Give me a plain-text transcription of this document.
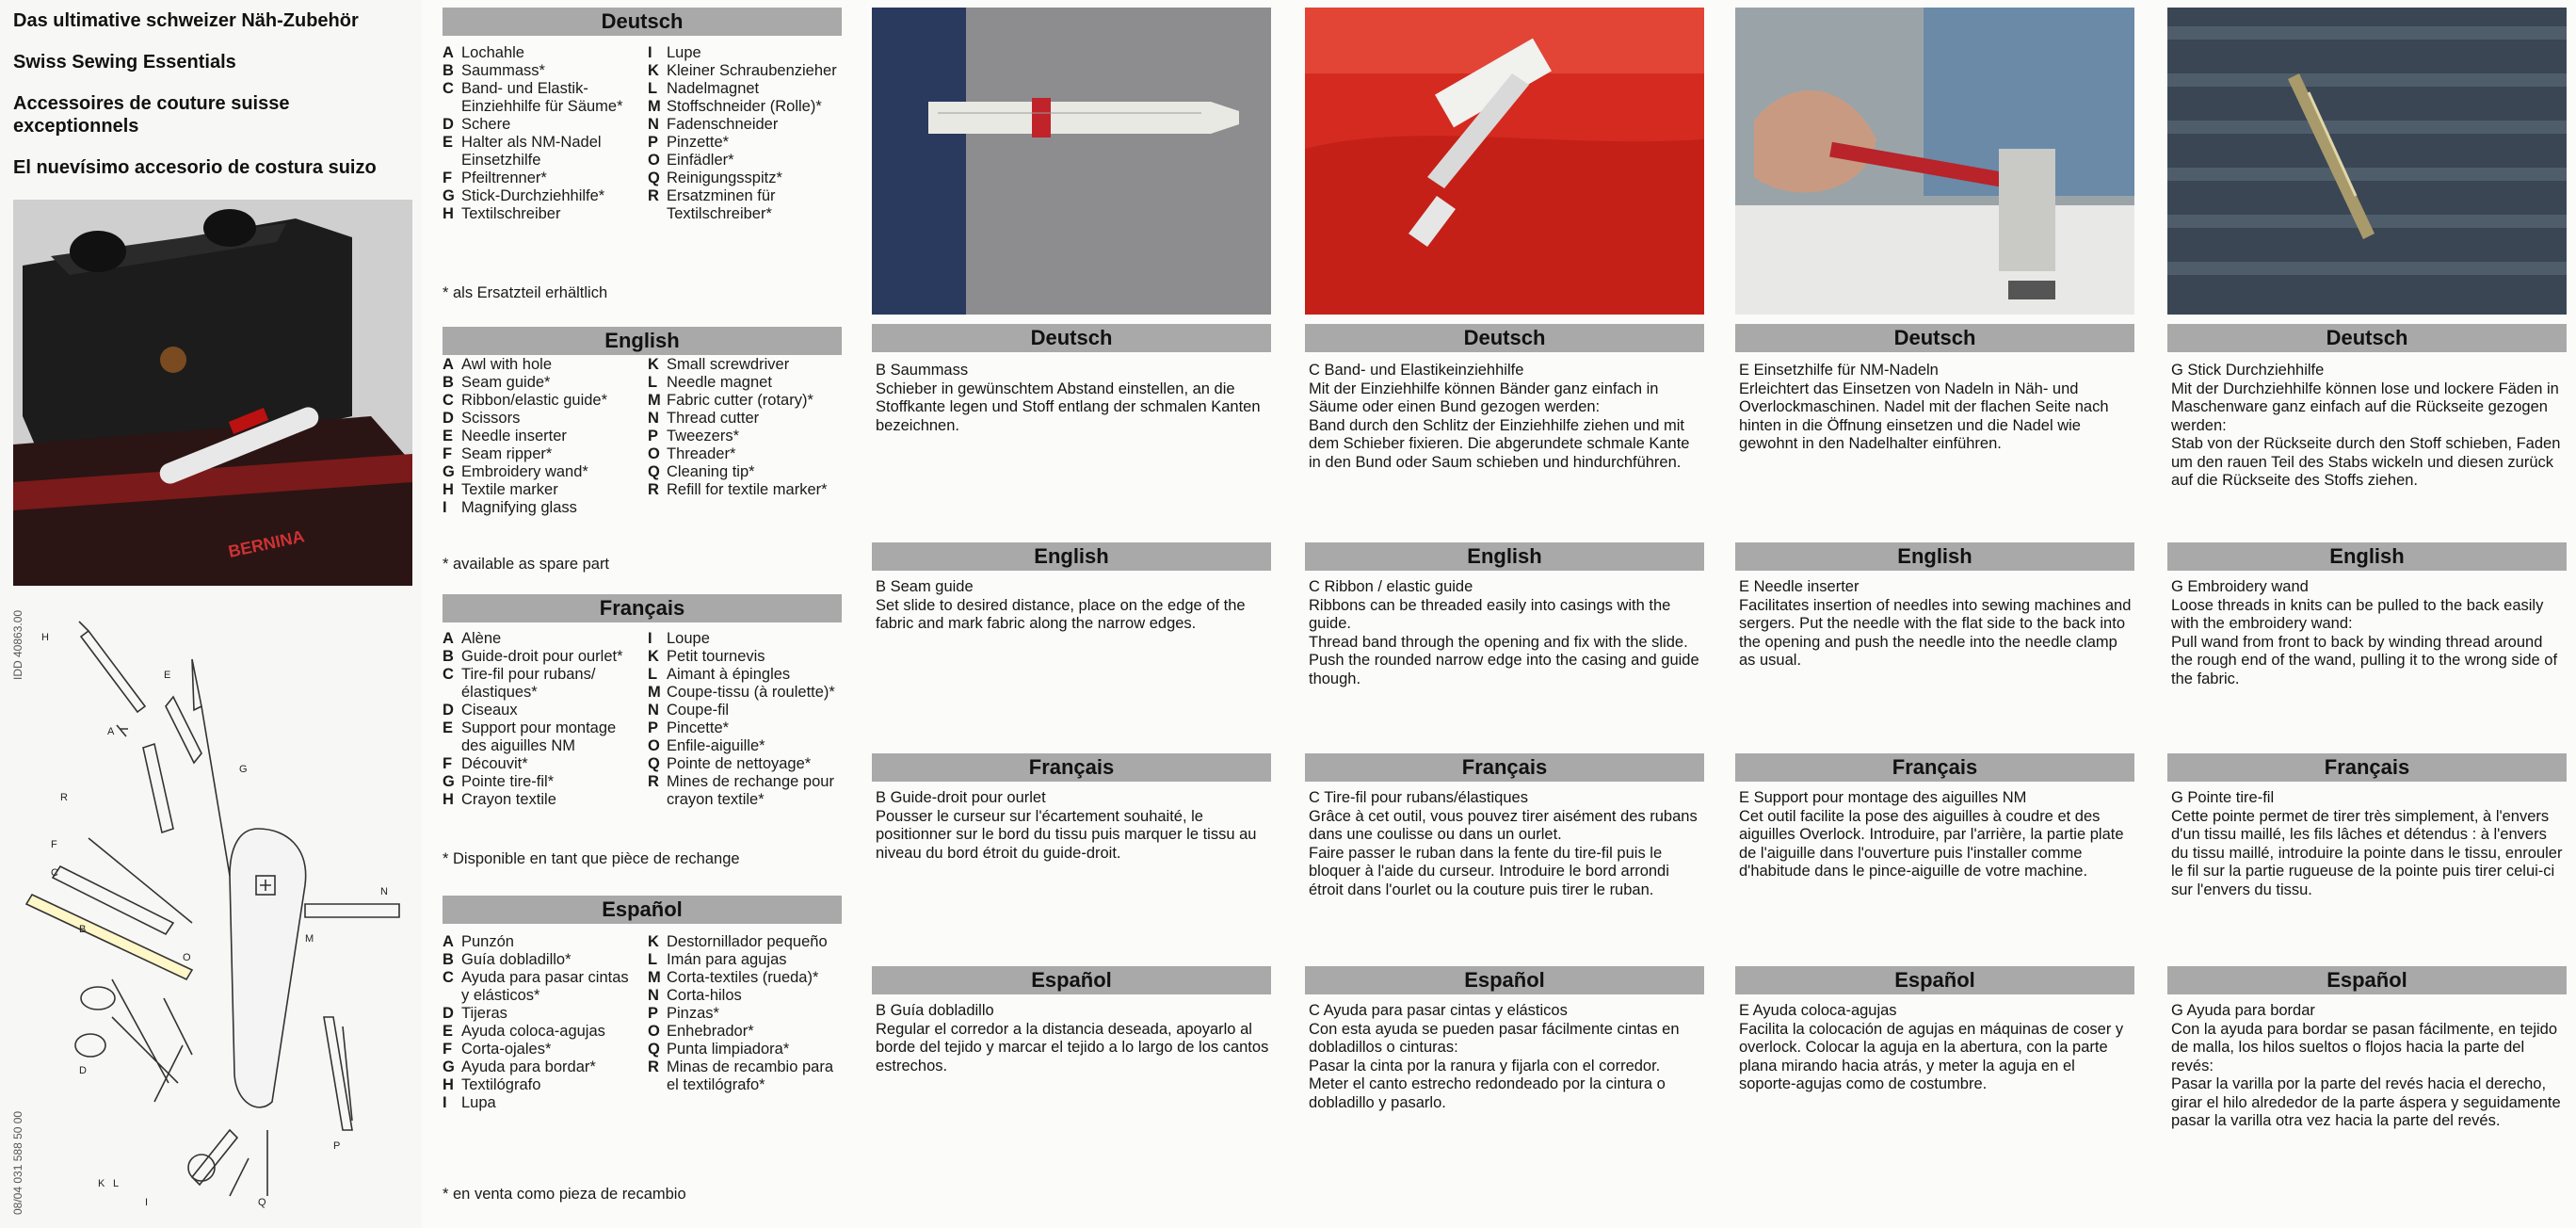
Das ultimative schweizer Näh-Zubehör
Swiss Sewing Essentials
Accessoires de couture suisse exceptionnels
El nuevísimo accesorio de costura suizo
BERNINA
IDD 40863.00
08/04 031 588 50 00
A
B
C
D
E
F
G
H
I
K L
M
N
O
P
Q
R
Deutsch
A Lochahle
B Saummass*
C Band- und Elastik-Einziehhilfe für Säume*
D Schere
E Halter als NM-Nadel Einsetzhilfe
F Pfeiltrenner*
G Stick-Durchziehhilfe*
H Textilschreiber
I Lupe
K Kleiner Schraubenzieher
L Nadelmagnet
M Stoffschneider (Rolle)*
N Fadenschneider
P Pinzette*
O Einfädler*
Q Reinigungsspitz*
R Ersatzminen für Textilschreiber*
* als Ersatzteil erhältlich
English
A Awl with hole
B Seam guide*
C Ribbon/elastic guide*
D Scissors
E Needle inserter
F Seam ripper*
G Embroidery wand*
H Textile marker
I Magnifying glass
K Small screwdriver
L Needle magnet
M Fabric cutter (rotary)*
N Thread cutter
P Tweezers*
O Threader*
Q Cleaning tip*
R Refill for textile marker*
* available as spare part
Français
A Alène
B Guide-droit pour ourlet*
C Tire-fil pour rubans/élastiques*
D Ciseaux
E Support pour montage des aiguilles NM
F Découvit*
G Pointe tire-fil*
H Crayon textile
I Loupe
K Petit tournevis
L Aimant à épingles
M Coupe-tissu (à roulette)*
N Coupe-fil
P Pincette*
O Enfile-aiguille*
Q Pointe de nettoyage*
R Mines de rechange pour crayon textile*
* Disponible en tant que pièce de rechange
Español
A Punzón
B Guía dobladillo*
C Ayuda para pasar cintas y elásticos*
D Tijeras
E Ayuda coloca-agujas
F Corta-ojales*
G Ayuda para bordar*
H Textilógrafo
I Lupa
K Destornillador pequeño
L Imán para agujas
M Corta-textiles (rueda)*
N Corta-hilos
P Pinzas*
O Enhebrador*
Q Punta limpiadora*
R Minas de recambio para el textilógrafo*
* en venta como pieza de recambio
Deutsch
B Saummass
Schieber in gewünschtem Abstand einstellen, an die Stoffkante legen und Stoff entlang der schmalen Kanten bezeichnen.
English
B Seam guide
Set slide to desired distance, place on the edge of the fabric and mark fabric along the narrow edges.
Français
B Guide-droit pour ourlet
Pousser le curseur sur l'écartement souhaité, le positionner sur le bord du tissu puis marquer le tissu au niveau du bord étroit du guide-droit.
Español
B Guía dobladillo
Regular el corredor a la distancia deseada, apoyarlo al borde del tejido y marcar el tejido a lo largo de los cantos estrechos.
Deutsch
C Band- und Elastikeinziehhilfe
Mit der Einziehhilfe können Bänder ganz einfach in Säume oder einen Bund gezogen werden:
Band durch den Schlitz der Einziehhilfe ziehen und mit dem Schieber fixieren. Die abgerundete schmale Kante in den Bund oder Saum schieben und hindurchführen.
English
C Ribbon / elastic guide
Ribbons can be threaded easily into casings with the guide.
Thread band through the opening and fix with the slide. Push the rounded narrow edge into the casing and guide though.
Français
C Tire-fil pour rubans/élastiques
Grâce à cet outil, vous pouvez tirer aisément des rubans dans une coulisse ou dans un ourlet.
Faire passer le ruban dans la fente du tire-fil puis le bloquer à l'aide du curseur. Introduire le bord arrondi étroit dans l'ourlet ou la couture puis tirer le ruban.
Español
C Ayuda para pasar cintas y elásticos
Con esta ayuda se pueden pasar fácilmente cintas en dobladillos o cinturas:
Pasar la cinta por la ranura y fijarla con el corredor. Meter el canto estrecho redondeado por la cintura o dobladillo y pasarlo.
Deutsch
E Einsetzhilfe für NM-Nadeln
Erleichtert das Einsetzen von Nadeln in Näh- und Overlockmaschinen. Nadel mit der flachen Seite nach hinten in die Öffnung einsetzen und die Nadel wie gewohnt in den Nadelhalter einführen.
English
E Needle inserter
Facilitates insertion of needles into sewing machines and sergers. Put the needle with the flat side to the back into the opening and push the needle into the needle clamp as usual.
Français
E Support pour montage des aiguilles NM
Cet outil facilite la pose des aiguilles à coudre et des aiguilles Overlock. Introduire, par l'arrière, la partie plate de l'aiguille dans l'ouverture puis l'installer comme d'habitude dans le pince-aiguille de votre machine.
Español
E Ayuda coloca-agujas
Facilita la colocación de agujas en máquinas de coser y overlock. Colocar la aguja en la abertura, con la parte plana mirando hacia atrás, y meter la aguja en el soporte-agujas como de costumbre.
Deutsch
G Stick Durchziehhilfe
Mit der Durchziehhilfe können lose und lockere Fäden in Maschenware ganz einfach auf die Rückseite gezogen werden:
Stab von der Rückseite durch den Stoff schieben, Faden um den rauen Teil des Stabs wickeln und diesen zurück auf die Rückseite des Stoffs ziehen.
English
G Embroidery wand
Loose threads in knits can be pulled to the back easily with the embroidery wand:
Pull wand from front to back by winding thread around the rough end of the wand, pulling it to the wrong side of the fabric.
Français
G Pointe tire-fil
Cette pointe permet de tirer très simplement, à l'envers d'un tissu maillé, les fils lâches et détendus : à l'envers du tissu maillé, introduire la pointe dans le tissu, enrouler le fil sur la partie rugueuse de la pointe puis tirer celui-ci sur l'envers du tissu.
Español
G Ayuda para bordar
Con la ayuda para bordar se pasan fácilmente, en tejido de malla, los hilos sueltos o flojos hacia la parte del revés:
Pasar la varilla por la parte del revés hacia el derecho, girar el hilo alrededor de la parte áspera y seguidamente pasar la varilla otra vez hacia la parte del revés.
